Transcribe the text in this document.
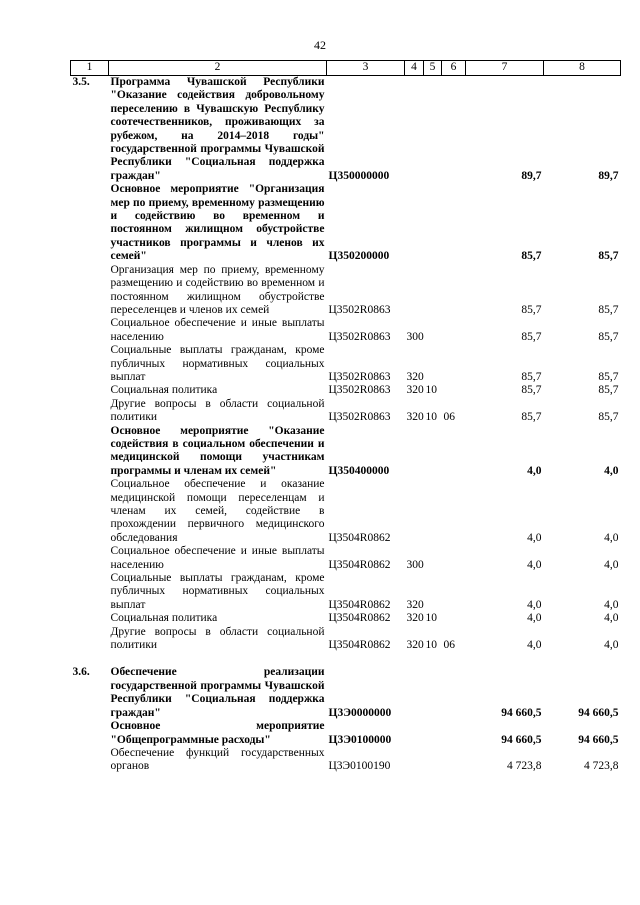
42
1	2	3	4	5	6	7	8
3.5.	Программа Чувашской Республики "Оказание содействия добровольному переселению в Чувашскую Республику соотечественников, проживающих за рубежом, на 2014–2018 годы" государственной программы Чувашской Республики "Социальная поддержка граждан"	Ц350000000				89,7	89,7
	Основное мероприятие "Организация мер по приему, временному размещению и содействию во временном и постоянном жилищном обустройстве участников программы и членов их семей"	Ц350200000				85,7	85,7
	Организация мер по приему, временному размещению и содействию во временном и постоянном жилищном обустройстве переселенцев и членов их семей	Ц3502R0863				85,7	85,7
	Социальное обеспечение и иные выплаты населению	Ц3502R0863	300			85,7	85,7
	Социальные выплаты гражданам, кроме публичных нормативных социальных выплат	Ц3502R0863	320			85,7	85,7
	Социальная политика	Ц3502R0863	320	10		85,7	85,7
	Другие вопросы в области социальной политики	Ц3502R0863	320	10	06	85,7	85,7
	Основное мероприятие "Оказание содействия в социальном обеспечении и медицинской помощи участникам программы и членам их семей"	Ц350400000				4,0	4,0
	Социальное обеспечение и оказание медицинской помощи переселенцам и членам их семей, содействие в прохождении первичного медицинского обследования	Ц3504R0862				4,0	4,0
	Социальное обеспечение и иные выплаты населению	Ц3504R0862	300			4,0	4,0
	Социальные выплаты гражданам, кроме публичных нормативных социальных выплат	Ц3504R0862	320			4,0	4,0
	Социальная политика	Ц3504R0862	320	10		4,0	4,0
	Другие вопросы в области социальной политики	Ц3504R0862	320	10	06	4,0	4,0

3.6.	Обеспечение реализации государственной программы Чувашской Республики "Социальная поддержка граждан"	Ц3Э0000000				94 660,5	94 660,5
	Основное мероприятие "Общепрограммные расходы"	Ц3Э0100000				94 660,5	94 660,5
	Обеспечение функций государственных органов	Ц3Э0100190				4 723,8	4 723,8
